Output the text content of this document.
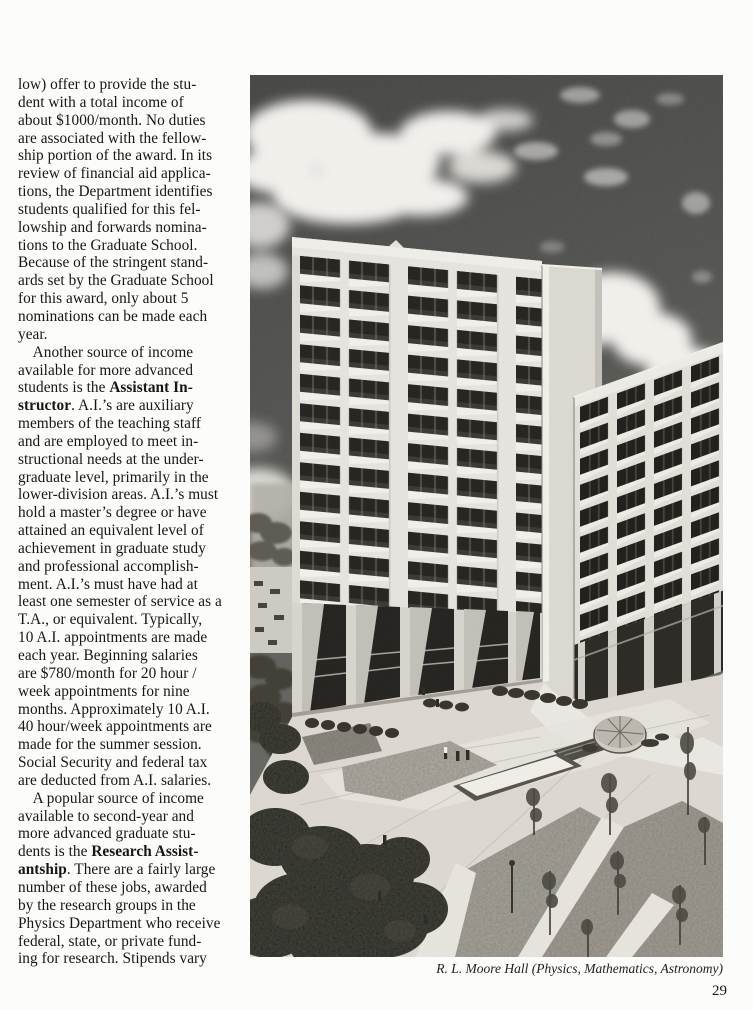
low) offer to provide the stu-
dent with a total income of
about $1000/month. No duties
are associated with the fellow-
ship portion of the award. In its
review of financial aid applica-
tions, the Department identifies
students qualified for this fel-
lowship and forwards nomina-
tions to the Graduate School.
Because of the stringent stand-
ards set by the Graduate School
for this award, only about 5
nominations can be made each
year.
Another source of income
available for more advanced
students is the Assistant In-
structor. A.I.’s are auxiliary
members of the teaching staff
and are employed to meet in-
structional needs at the under-
graduate level, primarily in the
lower-division areas. A.I.’s must
hold a master’s degree or have
attained an equivalent level of
achievement in graduate study
and professional accomplish-
ment. A.I.’s must have had at
least one semester of service as a
T.A., or equivalent. Typically,
10 A.I. appointments are made
each year. Beginning salaries
are $780/month for 20 hour /
week appointments for nine
months. Approximately 10 A.I.
40 hour/week appointments are
made for the summer session.
Social Security and federal tax
are deducted from A.I. salaries.
A popular source of income
available to second-year and
more advanced graduate stu-
dents is the Research Assist-
antship. There are a fairly large
number of these jobs, awarded
by the research groups in the
Physics Department who receive
federal, state, or private fund-
ing for research. Stipends vary
R. L. Moore Hall (Physics, Mathematics, Astronomy)
29
